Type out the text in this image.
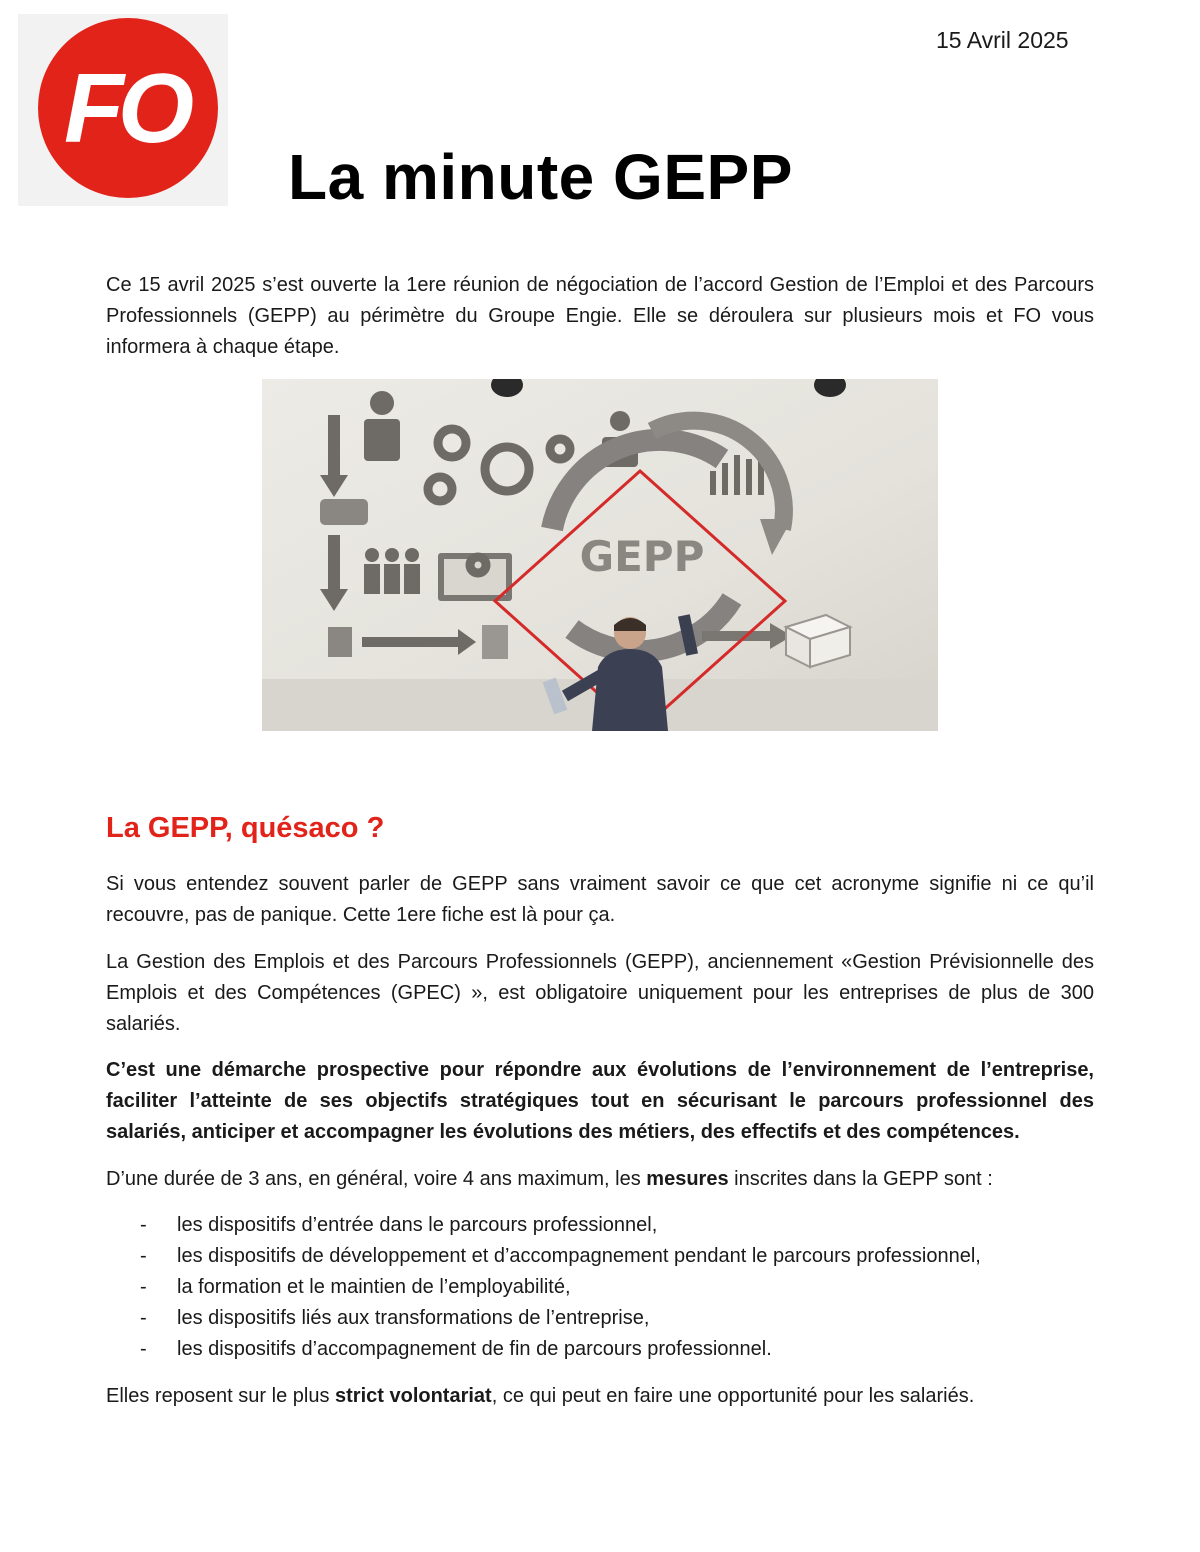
FO
15 Avril 2025
La minute GEPP

Ce 15 avril 2025 s’est ouverte la 1ere réunion de négociation de l’accord Gestion de l’Emploi et des Parcours Professionnels (GEPP) au périmètre du Groupe Engie. Elle se déroulera sur plusieurs mois et FO vous informera à chaque étape.

GEPP
La GEPP, quésaco ?

Si vous entendez souvent parler de GEPP sans vraiment savoir ce que cet acronyme signifie ni ce qu’il recouvre, pas de panique. Cette 1ere fiche est là pour ça.

La Gestion des Emplois et des Parcours Professionnels (GEPP), anciennement «Gestion Prévisionnelle des Emplois et des Compétences (GPEC) », est obligatoire uniquement pour les entreprises de plus de 300 salariés.

C’est une démarche prospective pour répondre aux évolutions de l’environnement de l’entreprise, faciliter l’atteinte de ses objectifs stratégiques tout en sécurisant le parcours professionnel des salariés, anticiper et accompagner les évolutions des métiers, des effectifs et des compétences.

D’une durée de 3 ans, en général, voire 4 ans maximum, les mesures inscrites dans la GEPP sont :

- les dispositifs d’entrée dans le parcours professionnel,
- les dispositifs de développement et d’accompagnement pendant le parcours professionnel,
- la formation et le maintien de l’employabilité,
- les dispositifs liés aux transformations de l’entreprise,
- les dispositifs d’accompagnement de fin de parcours professionnel.

Elles reposent sur le plus strict volontariat, ce qui peut en faire une opportunité pour les salariés.
